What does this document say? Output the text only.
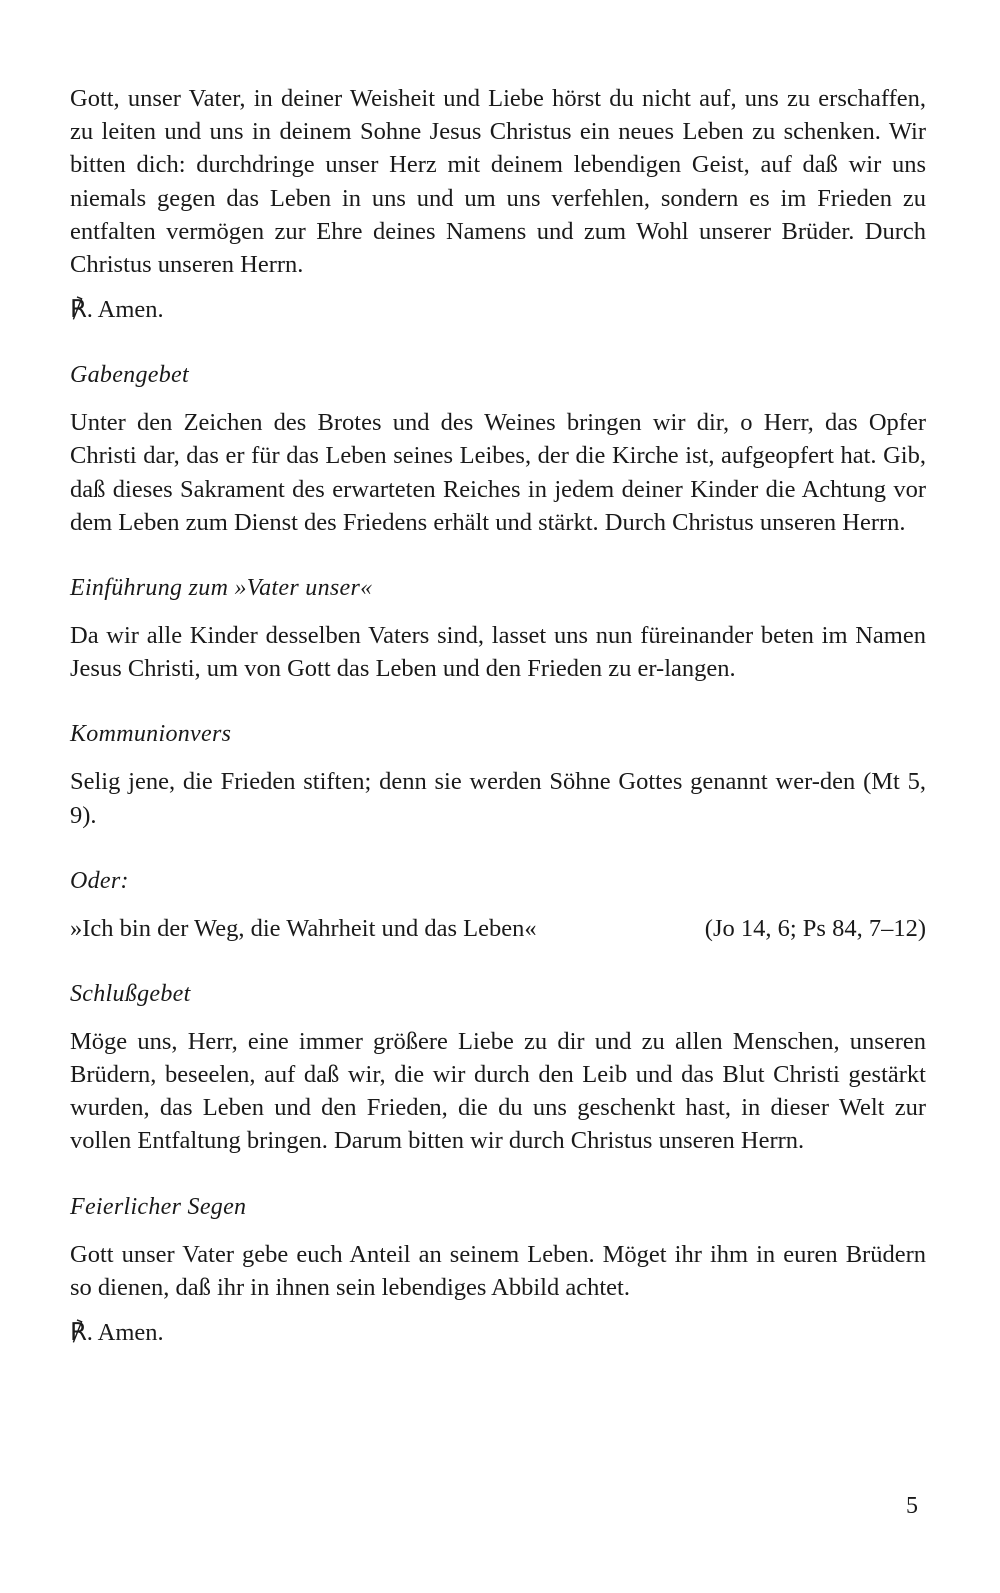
Gott, unser Vater, in deiner Weisheit und Liebe hörst du nicht auf, uns zu erschaffen, zu leiten und uns in deinem Sohne Jesus Christus ein neues Leben zu schenken. Wir bitten dich: durchdringe unser Herz mit deinem lebendigen Geist, auf daß wir uns niemals gegen das Leben in uns und um uns verfehlen, sondern es im Frieden zu entfalten vermögen zur Ehre deines Namens und zum Wohl unserer Brüder. Durch Christus unseren Herrn.

℟. Amen.

Gabengebet

Unter den Zeichen des Brotes und des Weines bringen wir dir, o Herr, das Opfer Christi dar, das er für das Leben seines Leibes, der die Kirche ist, aufgeopfert hat. Gib, daß dieses Sakrament des erwarteten Reiches in jedem deiner Kinder die Achtung vor dem Leben zum Dienst des Friedens erhält und stärkt. Durch Christus unseren Herrn.

Einführung zum »Vater unser«

Da wir alle Kinder desselben Vaters sind, lasset uns nun füreinander beten im Namen Jesus Christi, um von Gott das Leben und den Frieden zu er-langen.

Kommunionvers

Selig jene, die Frieden stiften; denn sie werden Söhne Gottes genannt wer-den (Mt 5, 9).

Oder:

»Ich bin der Weg, die Wahrheit und das Leben«	(Jo 14, 6; Ps 84, 7–12)

Schlußgebet

Möge uns, Herr, eine immer größere Liebe zu dir und zu allen Menschen, unseren Brüdern, beseelen, auf daß wir, die wir durch den Leib und das Blut Christi gestärkt wurden, das Leben und den Frieden, die du uns geschenkt hast, in dieser Welt zur vollen Entfaltung bringen. Darum bitten wir durch Christus unseren Herrn.

Feierlicher Segen

Gott unser Vater gebe euch Anteil an seinem Leben. Möget ihr ihm in euren Brüdern so dienen, daß ihr in ihnen sein lebendiges Abbild achtet.

℟. Amen.

5
